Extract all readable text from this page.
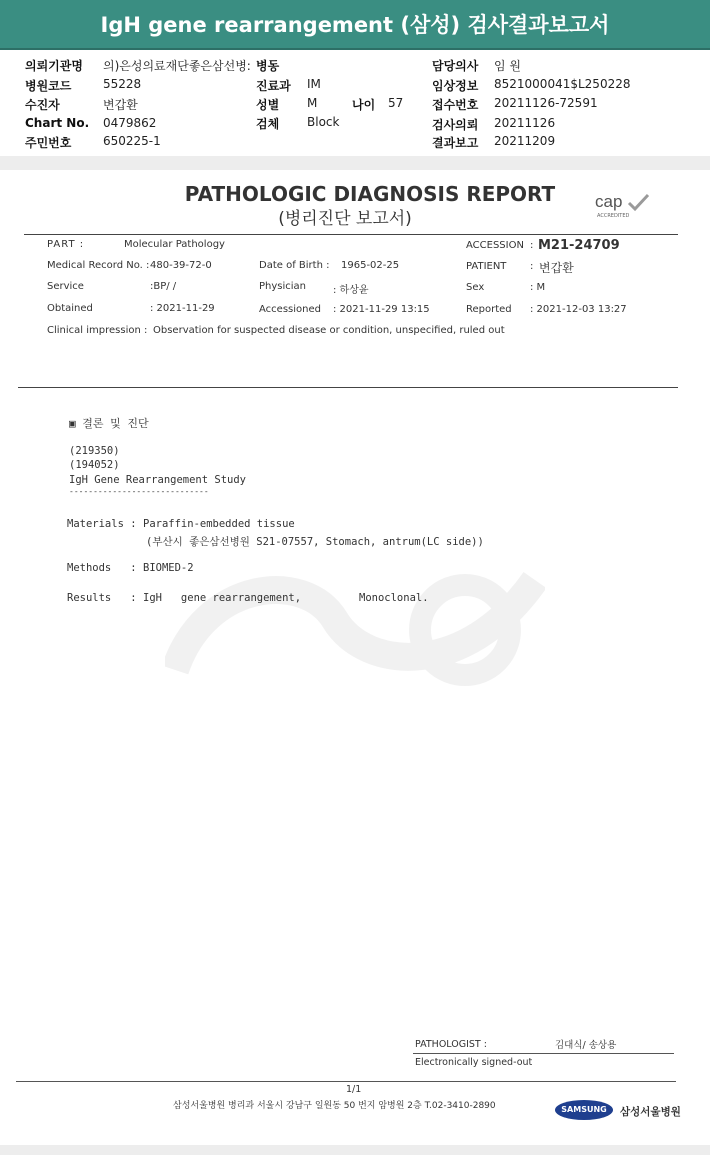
IgH gene rearrangement (삼성) 검사결과보고서
의뢰기관명 의)은성의료재단좋은삼선병: 병동	담당의사 임 원
병원코드	55228	진료과 IM	임상정보 8521000041$L250228
수진자	변갑환	성별 M	나이 57 접수번호 20211126-72591
Chart No. 0479862	검체 Block	검사의뢰 20211126
주민번호	650225-1	결과보고 20211209
PATHOLOGIC DIAGNOSIS REPORT
(병리진단 보고서)
cap
ACCREDITED
PART :	Molecular Pathology	ACCESSION : M21-24709
Medical Record No. : 480-39-72-0	Date of Birth : 1965-02-25	PATIENT : 변갑환
Service	:BP/ /	Physician	: 하상윤	Sex	: M
Obtained	: 2021-11-29	Accessioned : 2021-11-29 13:15	Reported : 2021-12-03 13:27
Clinical impression : Observation for suspected disease or condition, unspecified, ruled out
▣ 결론 및 진단
(219350)
(194052)
IgH Gene Rearrangement Study
-----------------------------
Materials : Paraffin-embedded tissue
(부산시 좋은삼선병원 S21-07557, Stomach, antrum(LC side))
Methods   : BIOMED-2
Results   : IgH   gene rearrangement,	Monoclonal.
PATHOLOGIST :	김대식/ 송상용
Electronically signed-out
1/1
삼성서울병원 병리과 서울시 강남구 일원동 50 번지 암병원 2층 T.02-3410-2890	SAMSUNG	삼성서울병원
